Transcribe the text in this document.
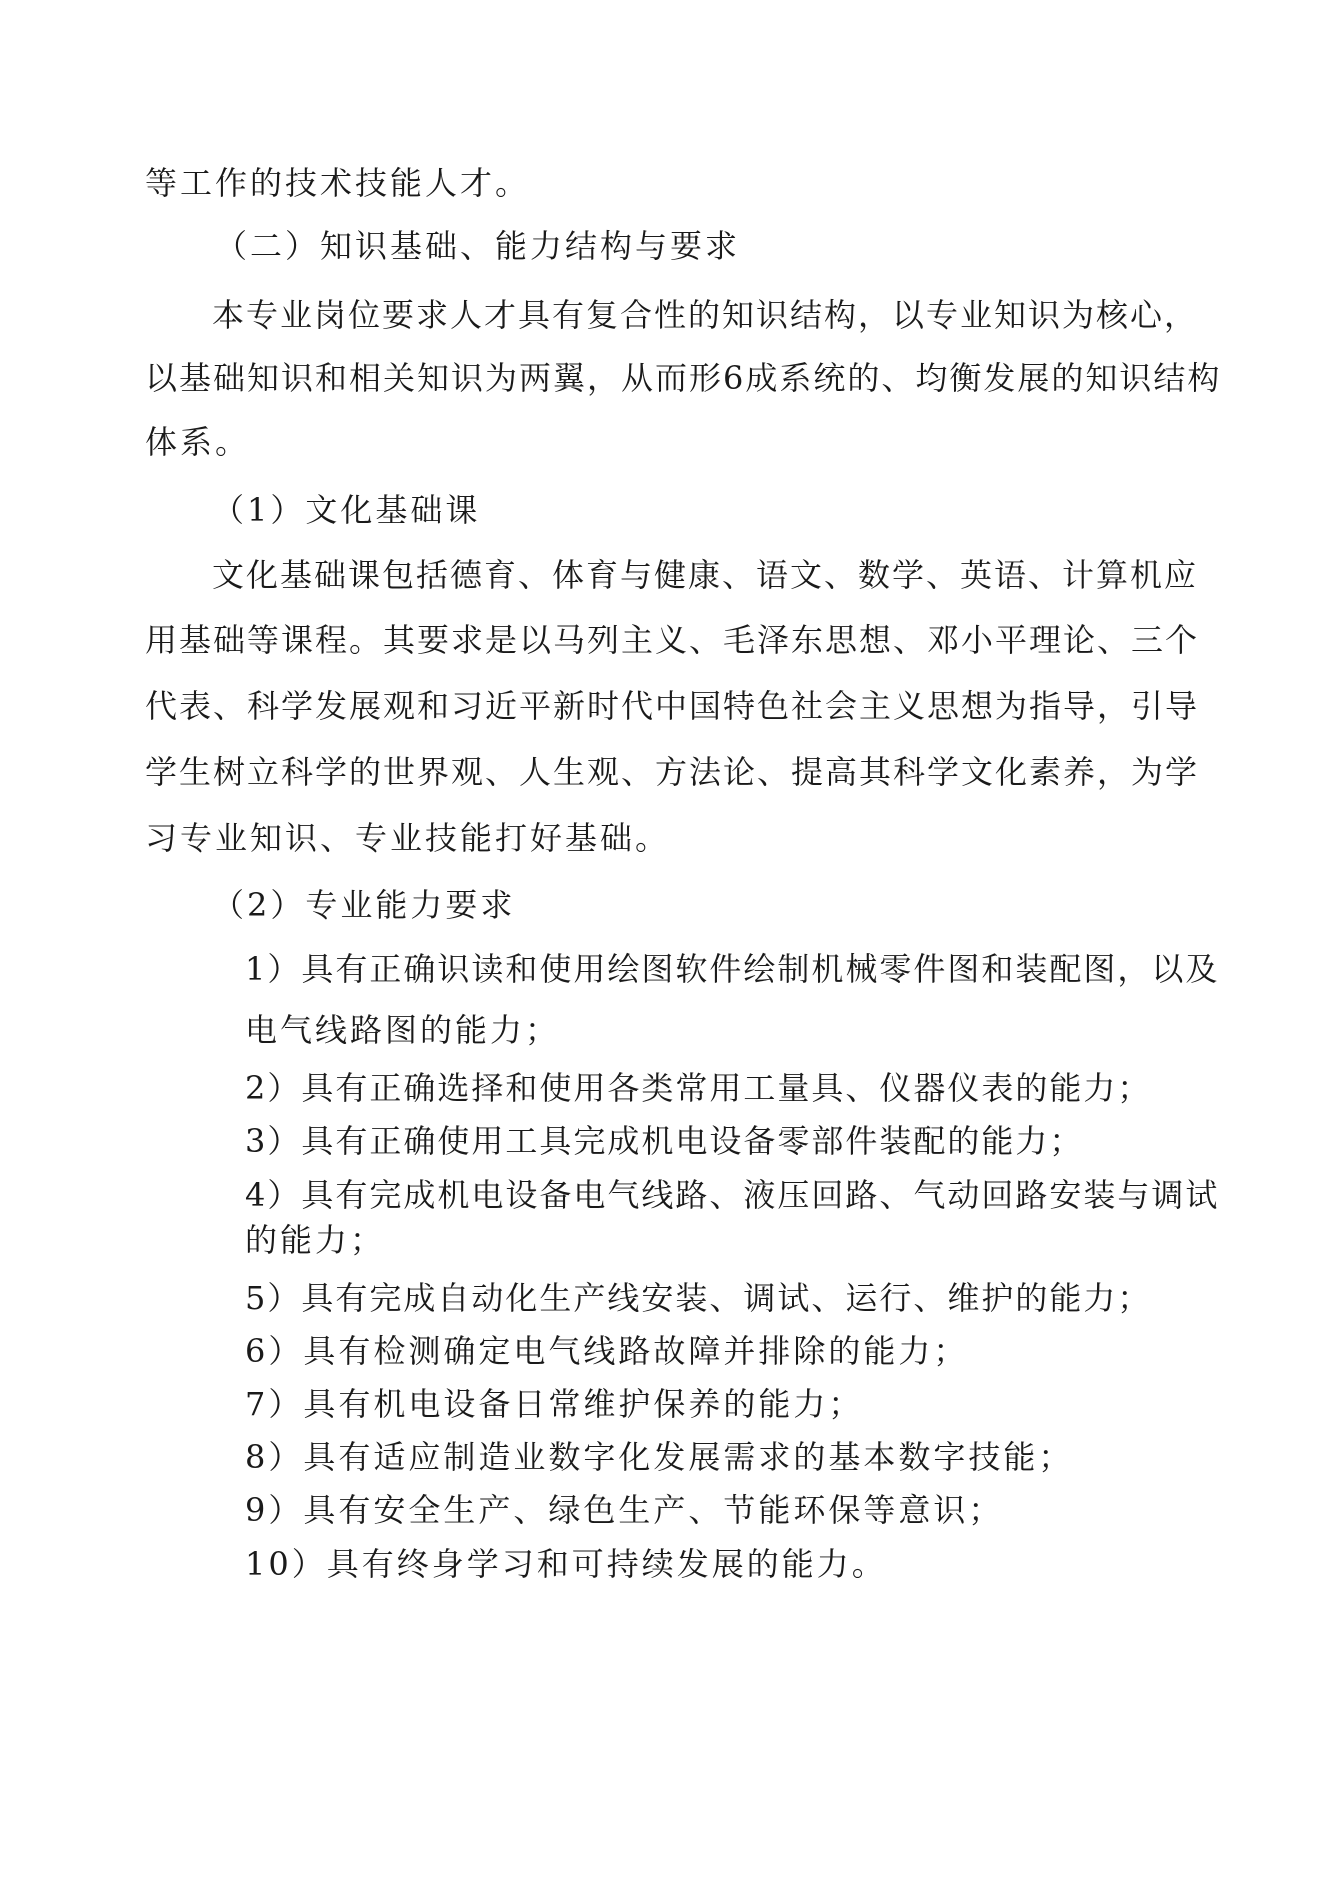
等工作的技术技能人才。
（二）知识基础、能力结构与要求
本专业岗位要求人才具有复合性的知识结构，以专业知识为核心，
以基础知识和相关知识为两翼，从而形6成系统的、均衡发展的知识结构
体系。
（1）文化基础课
文化基础课包括德育、体育与健康、语文、数学、英语、计算机应
用基础等课程。其要求是以马列主义、毛泽东思想、邓小平理论、三个
代表、科学发展观和习近平新时代中国特色社会主义思想为指导，引导
学生树立科学的世界观、人生观、方法论、提高其科学文化素养，为学
习专业知识、专业技能打好基础。
（2）专业能力要求
1）具有正确识读和使用绘图软件绘制机械零件图和装配图，以及
电气线路图的能力；
2）具有正确选择和使用各类常用工量具、仪器仪表的能力；
3）具有正确使用工具完成机电设备零部件装配的能力；
4）具有完成机电设备电气线路、液压回路、气动回路安装与调试
的能力；
5）具有完成自动化生产线安装、调试、运行、维护的能力；
6）具有检测确定电气线路故障并排除的能力；
7）具有机电设备日常维护保养的能力；
8）具有适应制造业数字化发展需求的基本数字技能；
9）具有安全生产、绿色生产、节能环保等意识；
10）具有终身学习和可持续发展的能力。
